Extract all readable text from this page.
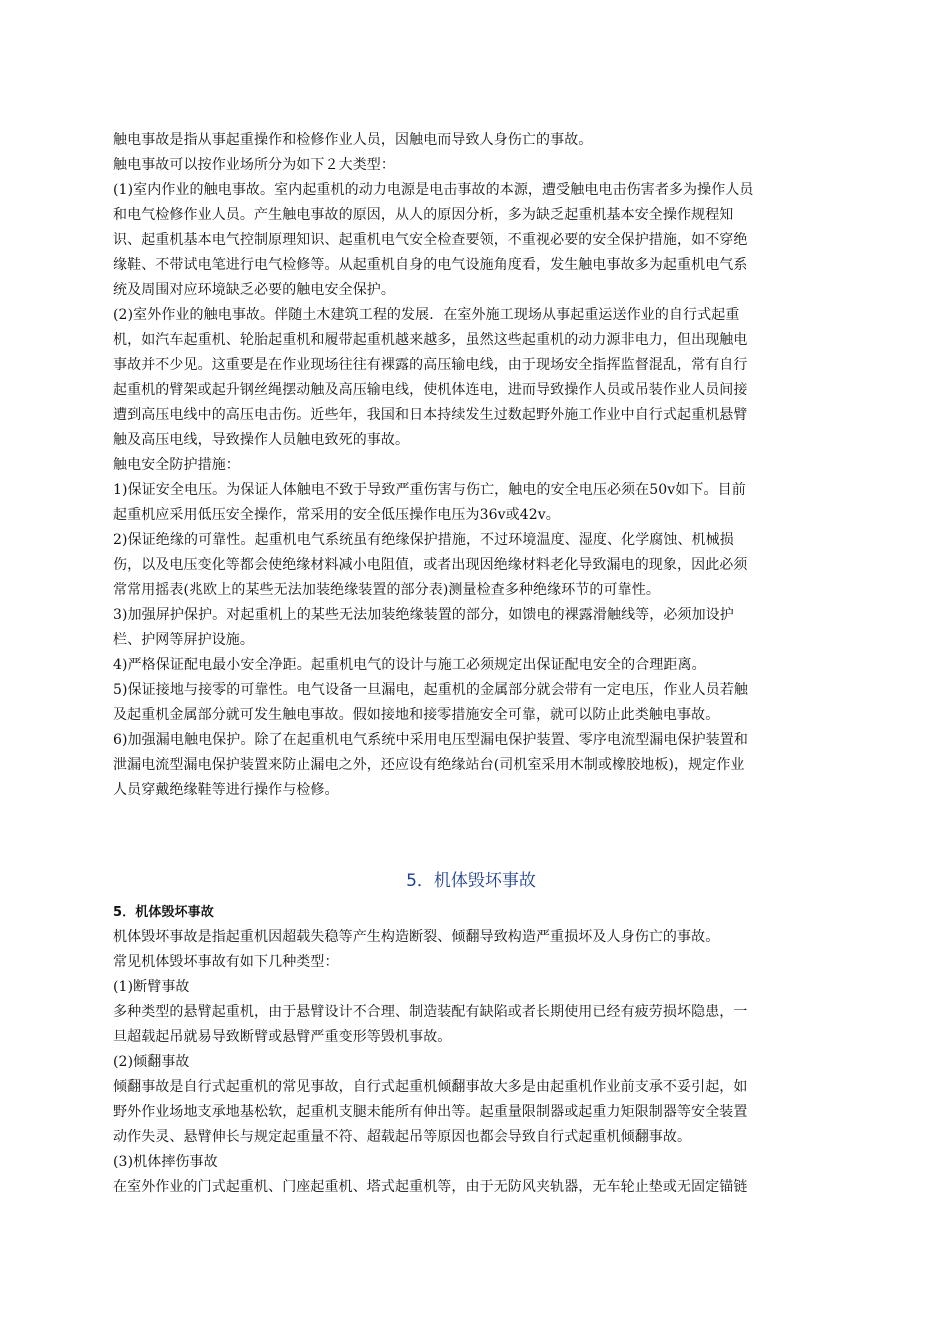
触电事故是指从事起重操作和检修作业人员，因触电而导致人身伤亡的事故。
触电事故可以按作业场所分为如下２大类型：
(1)室内作业的触电事故。室内起重机的动力电源是电击事故的本源，遭受触电电击伤害者多为操作人员
和电气检修作业人员。产生触电事故的原因，从人的原因分析，多为缺乏起重机基本安全操作规程知
识、起重机基本电气控制原理知识、起重机电气安全检查要领，不重视必要的安全保护措施，如不穿绝
缘鞋、不带试电笔进行电气检修等。从起重机自身的电气设施角度看，发生触电事故多为起重机电气系
统及周围对应环境缺乏必要的触电安全保护。
(2)室外作业的触电事故。伴随土木建筑工程的发展．在室外施工现场从事起重运送作业的自行式起重
机，如汽车起重机、轮胎起重机和履带起重机越来越多，虽然这些起重机的动力源非电力，但出现触电
事故并不少见。这重要是在作业现场往往有裸露的高压输电线，由于现场安全指挥监督混乱，常有自行
起重机的臂架或起升钢丝绳摆动触及高压输电线，使机体连电，进而导致操作人员或吊装作业人员间接
遭到高压电线中的高压电击伤。近些年，我国和日本持续发生过数起野外施工作业中自行式起重机悬臂
触及高压电线，导致操作人员触电致死的事故。
触电安全防护措施：
1)保证安全电压。为保证人体触电不致于导致严重伤害与伤亡，触电的安全电压必须在50v如下。目前
起重机应采用低压安全操作，常采用的安全低压操作电压为36v或42v。
2)保证绝缘的可靠性。起重机电气系统虽有绝缘保护措施，不过环境温度、湿度、化学腐蚀、机械损
伤，以及电压变化等都会使绝缘材料减小电阻值，或者出现因绝缘材料老化导致漏电的现象，因此必须
常常用摇表(兆欧上的某些无法加装绝缘装置的部分表)测量检查多种绝缘环节的可靠性。
3)加强屏护保护。对起重机上的某些无法加装绝缘装置的部分，如馈电的裸露滑触线等，必须加设护
栏、护网等屏护设施。
4)严格保证配电最小安全净距。起重机电气的设计与施工必须规定出保证配电安全的合理距离。
5)保证接地与接零的可靠性。电气设备一旦漏电，起重机的金属部分就会带有一定电压，作业人员若触
及起重机金属部分就可发生触电事故。假如接地和接零措施安全可靠，就可以防止此类触电事故。
6)加强漏电触电保护。除了在起重机电气系统中采用电压型漏电保护装置、零序电流型漏电保护装置和
泄漏电流型漏电保护装置来防止漏电之外，还应设有绝缘站台(司机室采用木制或橡胶地板)，规定作业
人员穿戴绝缘鞋等进行操作与检修。
5．机体毁坏事故
5．机体毁坏事故
机体毁坏事故是指起重机因超载失稳等产生构造断裂、倾翻导致构造严重损坏及人身伤亡的事故。
常见机体毁坏事故有如下几种类型：
(1)断臂事故
多种类型的悬臂起重机，由于悬臂设计不合理、制造装配有缺陷或者长期使用已经有疲劳损坏隐患，一
旦超载起吊就易导致断臂或悬臂严重变形等毁机事故。
(2)倾翻事故
倾翻事故是自行式起重机的常见事故，自行式起重机倾翻事故大多是由起重机作业前支承不妥引起，如
野外作业场地支承地基松软，起重机支腿未能所有伸出等。起重量限制器或起重力矩限制器等安全装置
动作失灵、悬臂伸长与规定起重量不符、超载起吊等原因也都会导致自行式起重机倾翻事故。
(3)机体摔伤事故
在室外作业的门式起重机、门座起重机、塔式起重机等，由于无防风夹轨器，无车轮止垫或无固定锚链
